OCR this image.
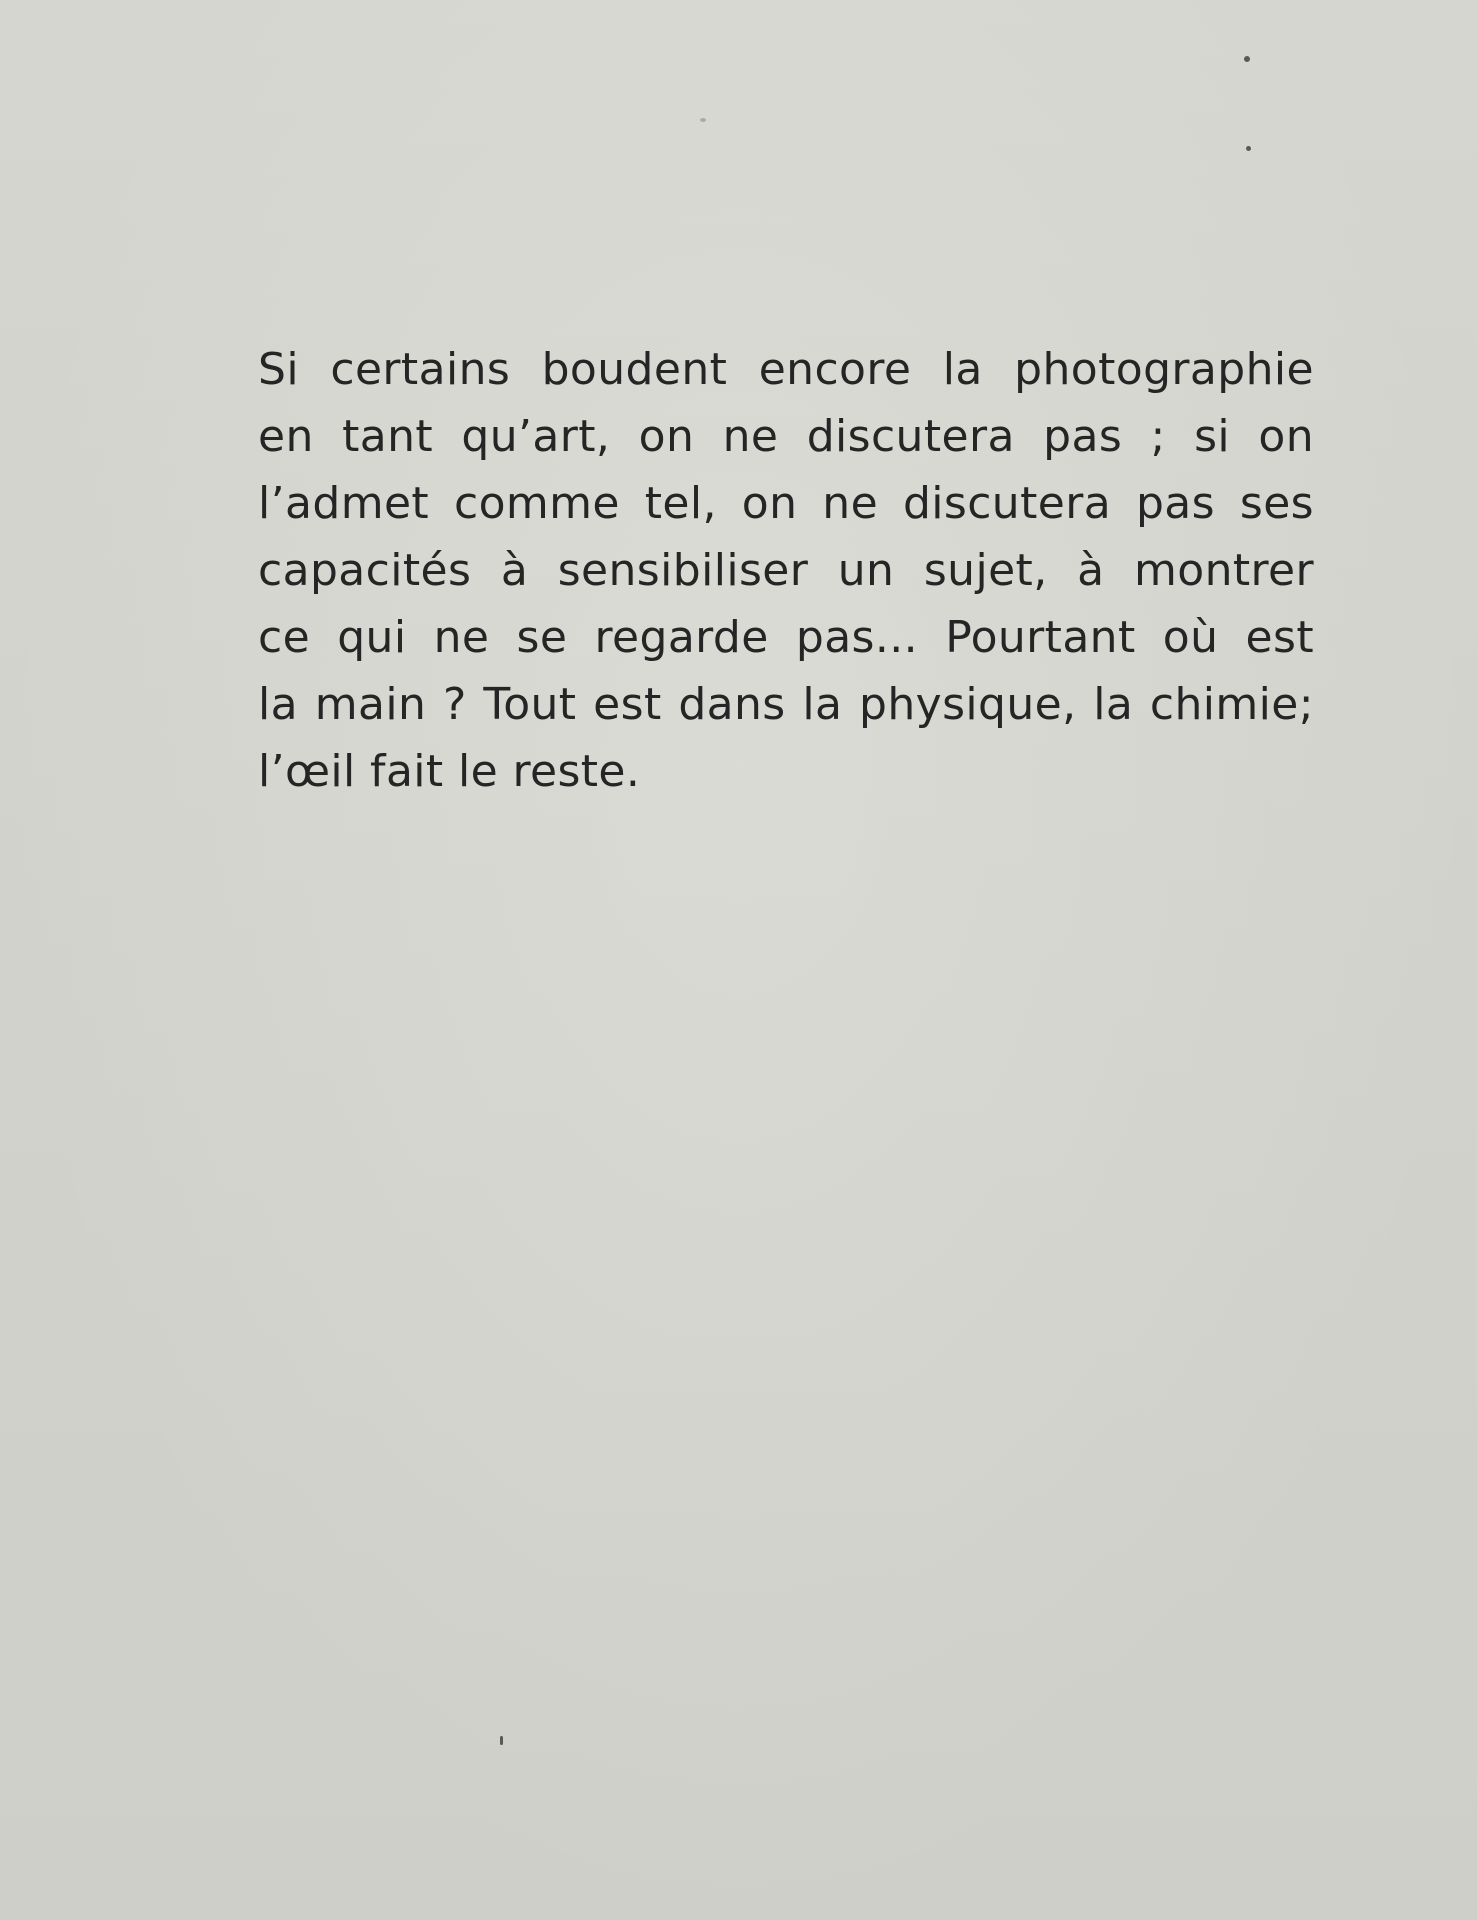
Si certains boudent encore la photographie
en tant qu’art, on ne discutera pas ; si on
l’admet comme tel, on ne discutera pas ses
capacités à sensibiliser un sujet, à montrer
ce qui ne se regarde pas... Pourtant où est
la main ? Tout est dans la physique, la chimie;
l’œil fait le reste.
